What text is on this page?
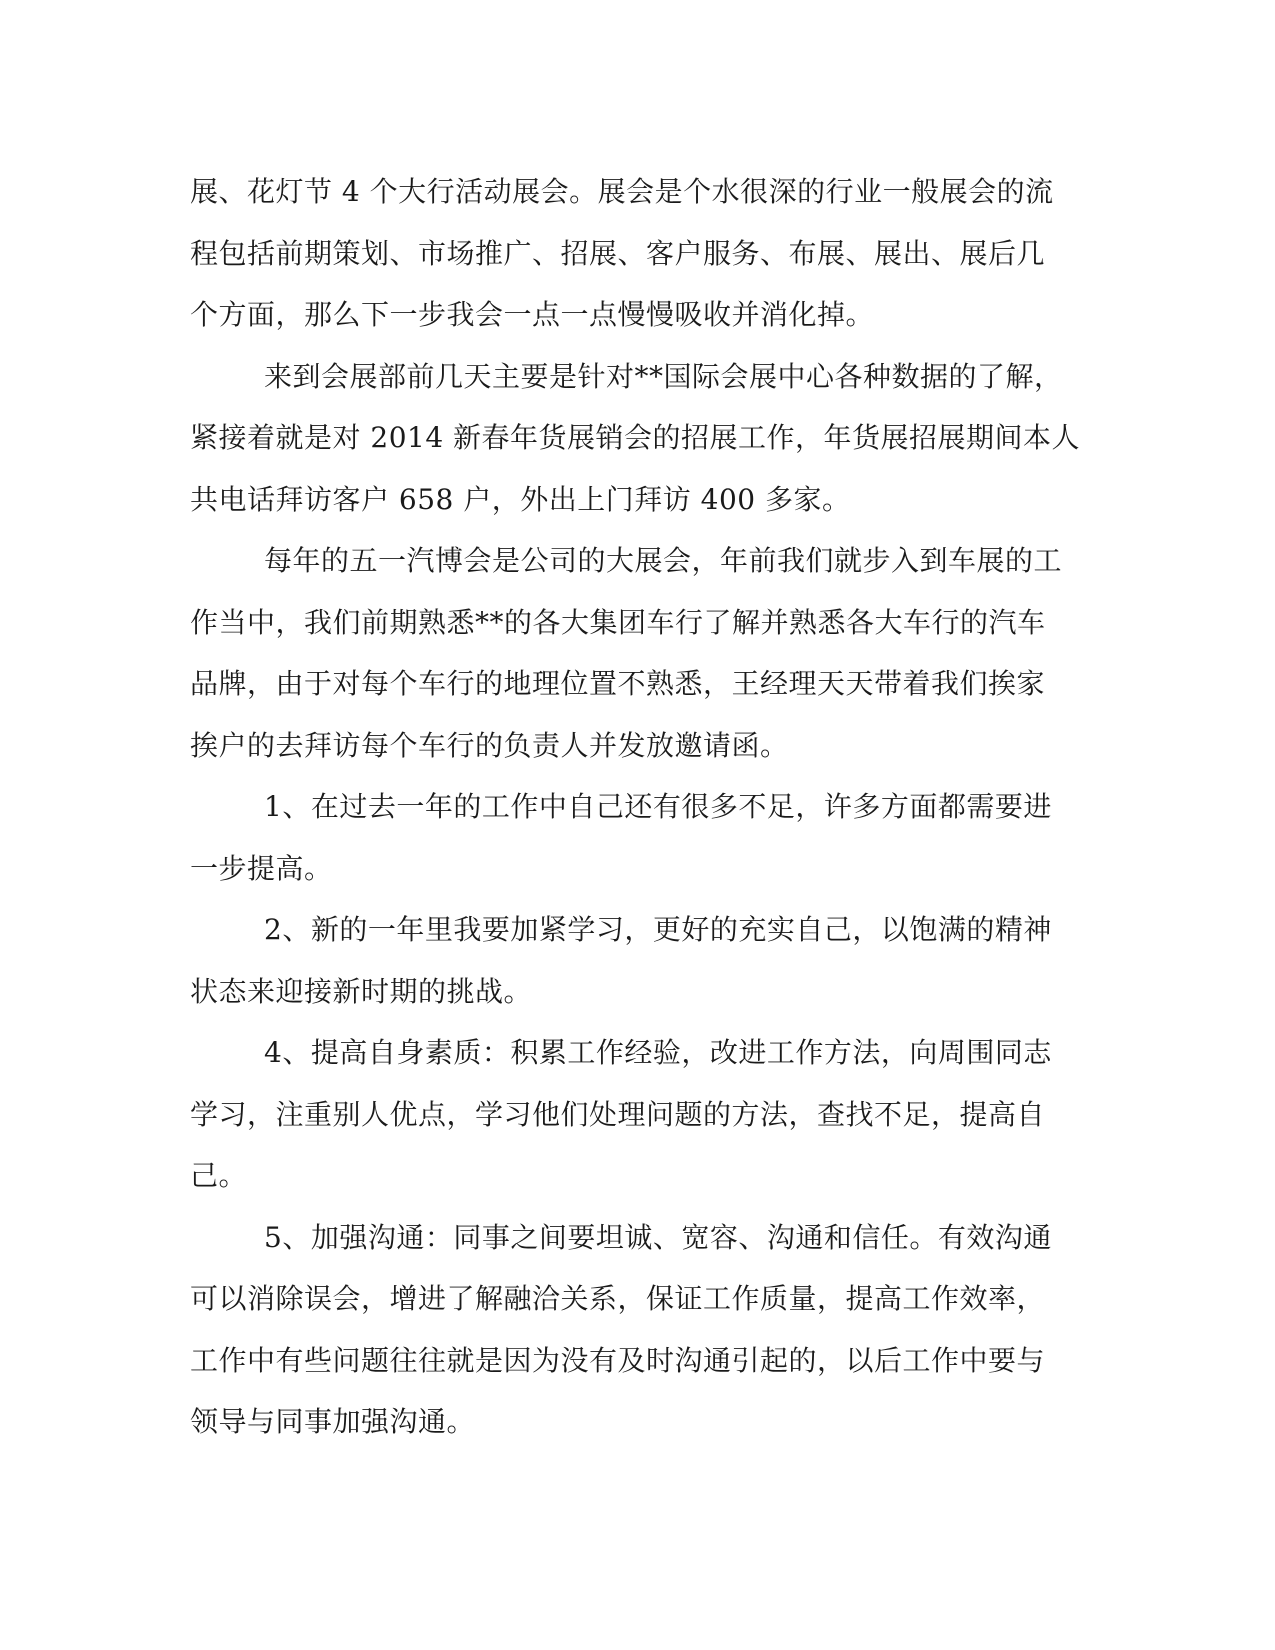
展、花灯节 4 个大行活动展会。展会是个水很深的行业一般展会的流
程包括前期策划、市场推广、招展、客户服务、布展、展出、展后几
个方面，那么下一步我会一点一点慢慢吸收并消化掉。

来到会展部前几天主要是针对**国际会展中心各种数据的了解，
紧接着就是对 2014 新春年货展销会的招展工作，年货展招展期间本人
共电话拜访客户 658 户，外出上门拜访 400 多家。

每年的五一汽博会是公司的大展会，年前我们就步入到车展的工
作当中，我们前期熟悉**的各大集团车行了解并熟悉各大车行的汽车
品牌，由于对每个车行的地理位置不熟悉，王经理天天带着我们挨家
挨户的去拜访每个车行的负责人并发放邀请函。

1、在过去一年的工作中自己还有很多不足，许多方面都需要进
一步提高。

2、新的一年里我要加紧学习，更好的充实自己，以饱满的精神
状态来迎接新时期的挑战。

4、提高自身素质：积累工作经验，改进工作方法，向周围同志
学习，注重别人优点，学习他们处理问题的方法，查找不足，提高自
己。

5、加强沟通：同事之间要坦诚、宽容、沟通和信任。有效沟通
可以消除误会，增进了解融洽关系，保证工作质量，提高工作效率，
工作中有些问题往往就是因为没有及时沟通引起的，以后工作中要与
领导与同事加强沟通。
